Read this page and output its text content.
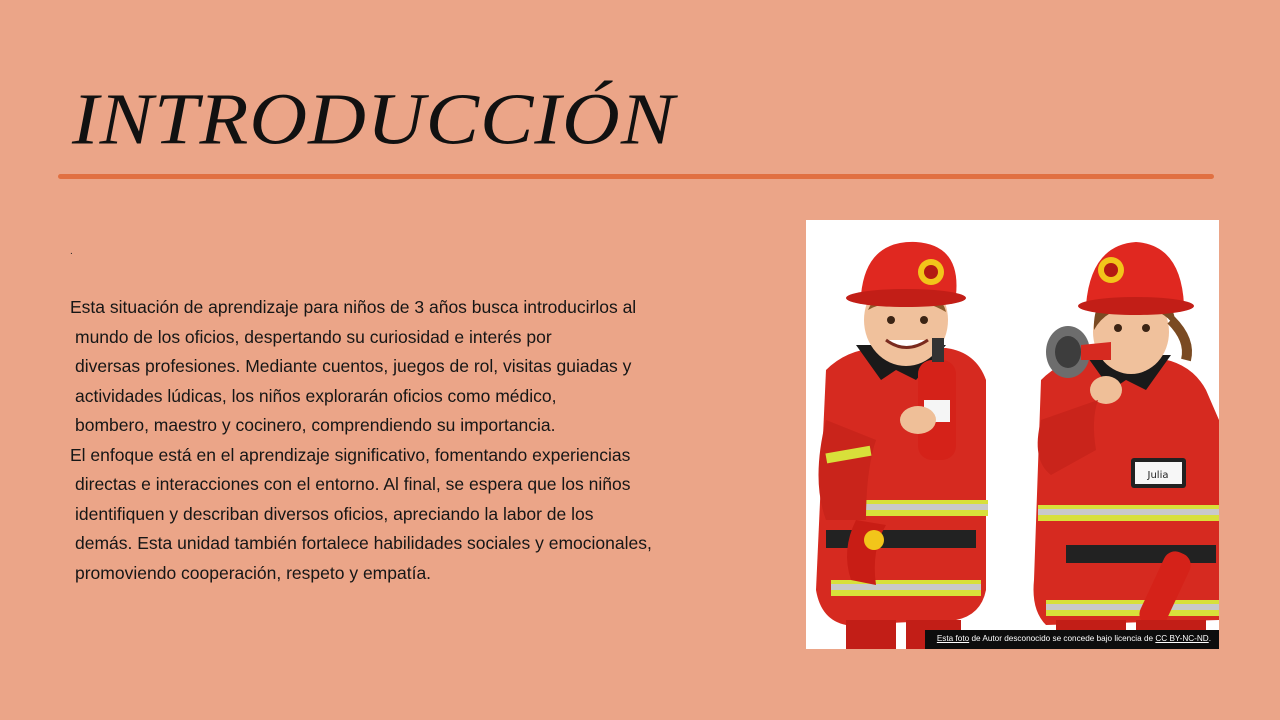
INTRODUCCIÓN
.
Esta situación de aprendizaje para niños de 3 años busca introducirlos al
mundo de los oficios, despertando su curiosidad e interés por
diversas profesiones. Mediante cuentos, juegos de rol, visitas guiadas y
actividades lúdicas, los niños explorarán oficios como médico,
bombero, maestro y cocinero, comprendiendo su importancia.
El enfoque está en el aprendizaje significativo, fomentando experiencias
directas e interacciones con el entorno. Al final, se espera que los niños
identifiquen y describan diversos oficios, apreciando la labor de los
demás. Esta unidad también fortalece habilidades sociales y emocionales,
promoviendo cooperación, respeto y empatía.
Julia
Esta foto de Autor desconocido se concede bajo licencia de CC BY-NC-ND.
